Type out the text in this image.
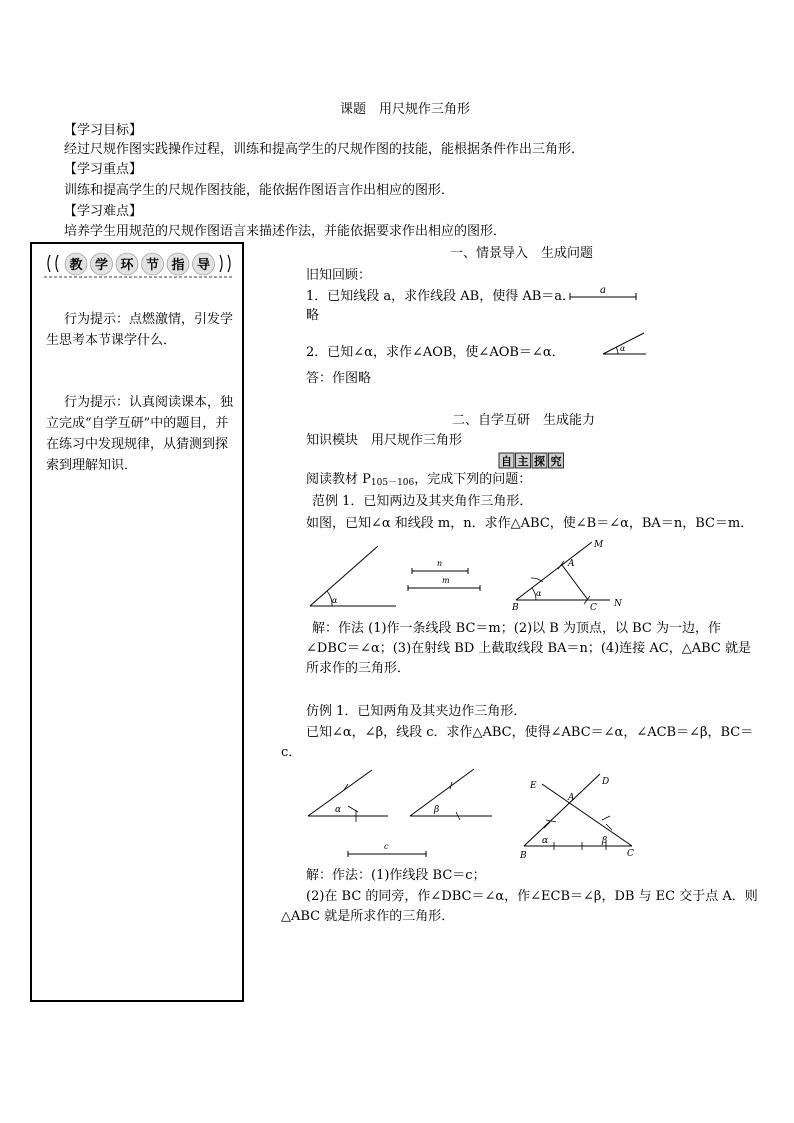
课题　用尺规作三角形
【学习目标】
经过尺规作图实践操作过程，训练和提高学生的尺规作图的技能，能根据条件作出三角形．
【学习重点】
训练和提高学生的尺规作图技能，能依据作图语言作出相应的图形．
【学习难点】
培养学生用规范的尺规作图语言来描述作法，并能依据要求作出相应的图形．
教 学 环 节 指 导
行为提示：点燃激情，引发学生思考本节课学什么．
行为提示：认真阅读课本，独立完成“自学互研”中的题目，并在练习中发现规律，从猜测到探索到理解知识．
一、情景导入　生成问题
旧知回顾：
1．已知线段 a，求作线段 AB，使得 AB＝a． a
略
2．已知∠α，求作∠AOB，使∠AOB＝∠α．	α
答：作图略
二、自学互研　生成能力
知识模块　用尺规作三角形
阅读教材 $P_{105-106}$，完成下列的问题：
自 主 探 究
范例 1．已知两边及其夹角作三角形．
如图，已知∠α 和线段 m，n．求作△ABC，使∠B＝∠α，BA＝n，BC＝m．
α
n
m
α
M
A
B	C N
解：作法 (1)作一条线段 BC＝m；(2)以 B 为顶点，以 BC 为一边，作∠DBC＝∠α；(3)在射线 BD 上截取线段 BA＝n；(4)连接 AC，△ABC 就是所求作的三角形．
仿例 1．已知两角及其夹边作三角形．
已知∠α，∠β，线段 c．求作△ABC，使得∠ABC＝∠α，∠ACB＝∠β，BC＝c．
α	β
c
α	β
E	D
A
B	C
解：作法：(1)作线段 BC＝c；
(2)在 BC 的同旁，作∠DBC＝∠α，作∠ECB＝∠β，DB 与 EC 交于点 A．则△ABC 就是所求作的三角形．
